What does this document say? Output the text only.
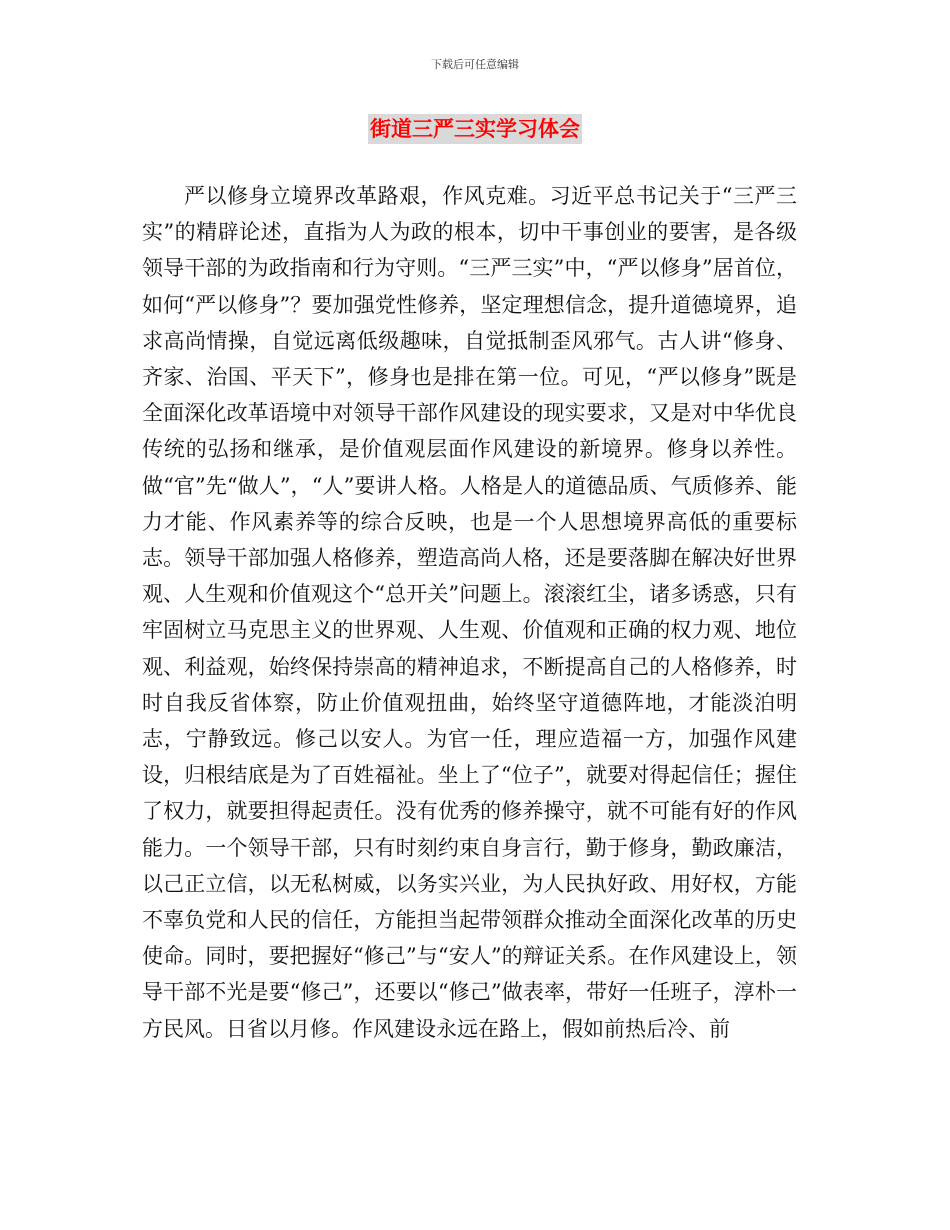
下载后可任意编辑
街道三严三实学习体会

严以修身立境界改革路艰，作风克难。习近平总书记关于“三严三实”的精辟论述，直指为人为政的根本，切中干事创业的要害，是各级领导干部的为政指南和行为守则。“三严三实”中，“严以修身”居首位，如何“严以修身”？要加强党性修养，坚定理想信念，提升道德境界，追求高尚情操，自觉远离低级趣味，自觉抵制歪风邪气。古人讲“修身、齐家、治国、平天下”，修身也是排在第一位。可见，“严以修身”既是全面深化改革语境中对领导干部作风建设的现实要求，又是对中华优良传统的弘扬和继承，是价值观层面作风建设的新境界。修身以养性。做“官”先“做人”，“人”要讲人格。人格是人的道德品质、气质修养、能力才能、作风素养等的综合反映，也是一个人思想境界高低的重要标志。领导干部加强人格修养，塑造高尚人格，还是要落脚在解决好世界观、人生观和价值观这个“总开关”问题上。滚滚红尘，诸多诱惑，只有牢固树立马克思主义的世界观、人生观、价值观和正确的权力观、地位观、利益观，始终保持崇高的精神追求，不断提高自己的人格修养，时时自我反省体察，防止价值观扭曲，始终坚守道德阵地，才能淡泊明志，宁静致远。修己以安人。为官一任，理应造福一方，加强作风建设，归根结底是为了百姓福祉。坐上了“位子”，就要对得起信任；握住了权力，就要担得起责任。没有优秀的修养操守，就不可能有好的作风能力。一个领导干部，只有时刻约束自身言行，勤于修身，勤政廉洁，以己正立信，以无私树威，以务实兴业，为人民执好政、用好权，方能不辜负党和人民的信任，方能担当起带领群众推动全面深化改革的历史使命。同时，要把握好“修己”与“安人”的辩证关系。在作风建设上，领导干部不光是要“修己”，还要以“修己”做表率，带好一任班子，淳朴一方民风。日省以月修。作风建设永远在路上，假如前热后冷、前
